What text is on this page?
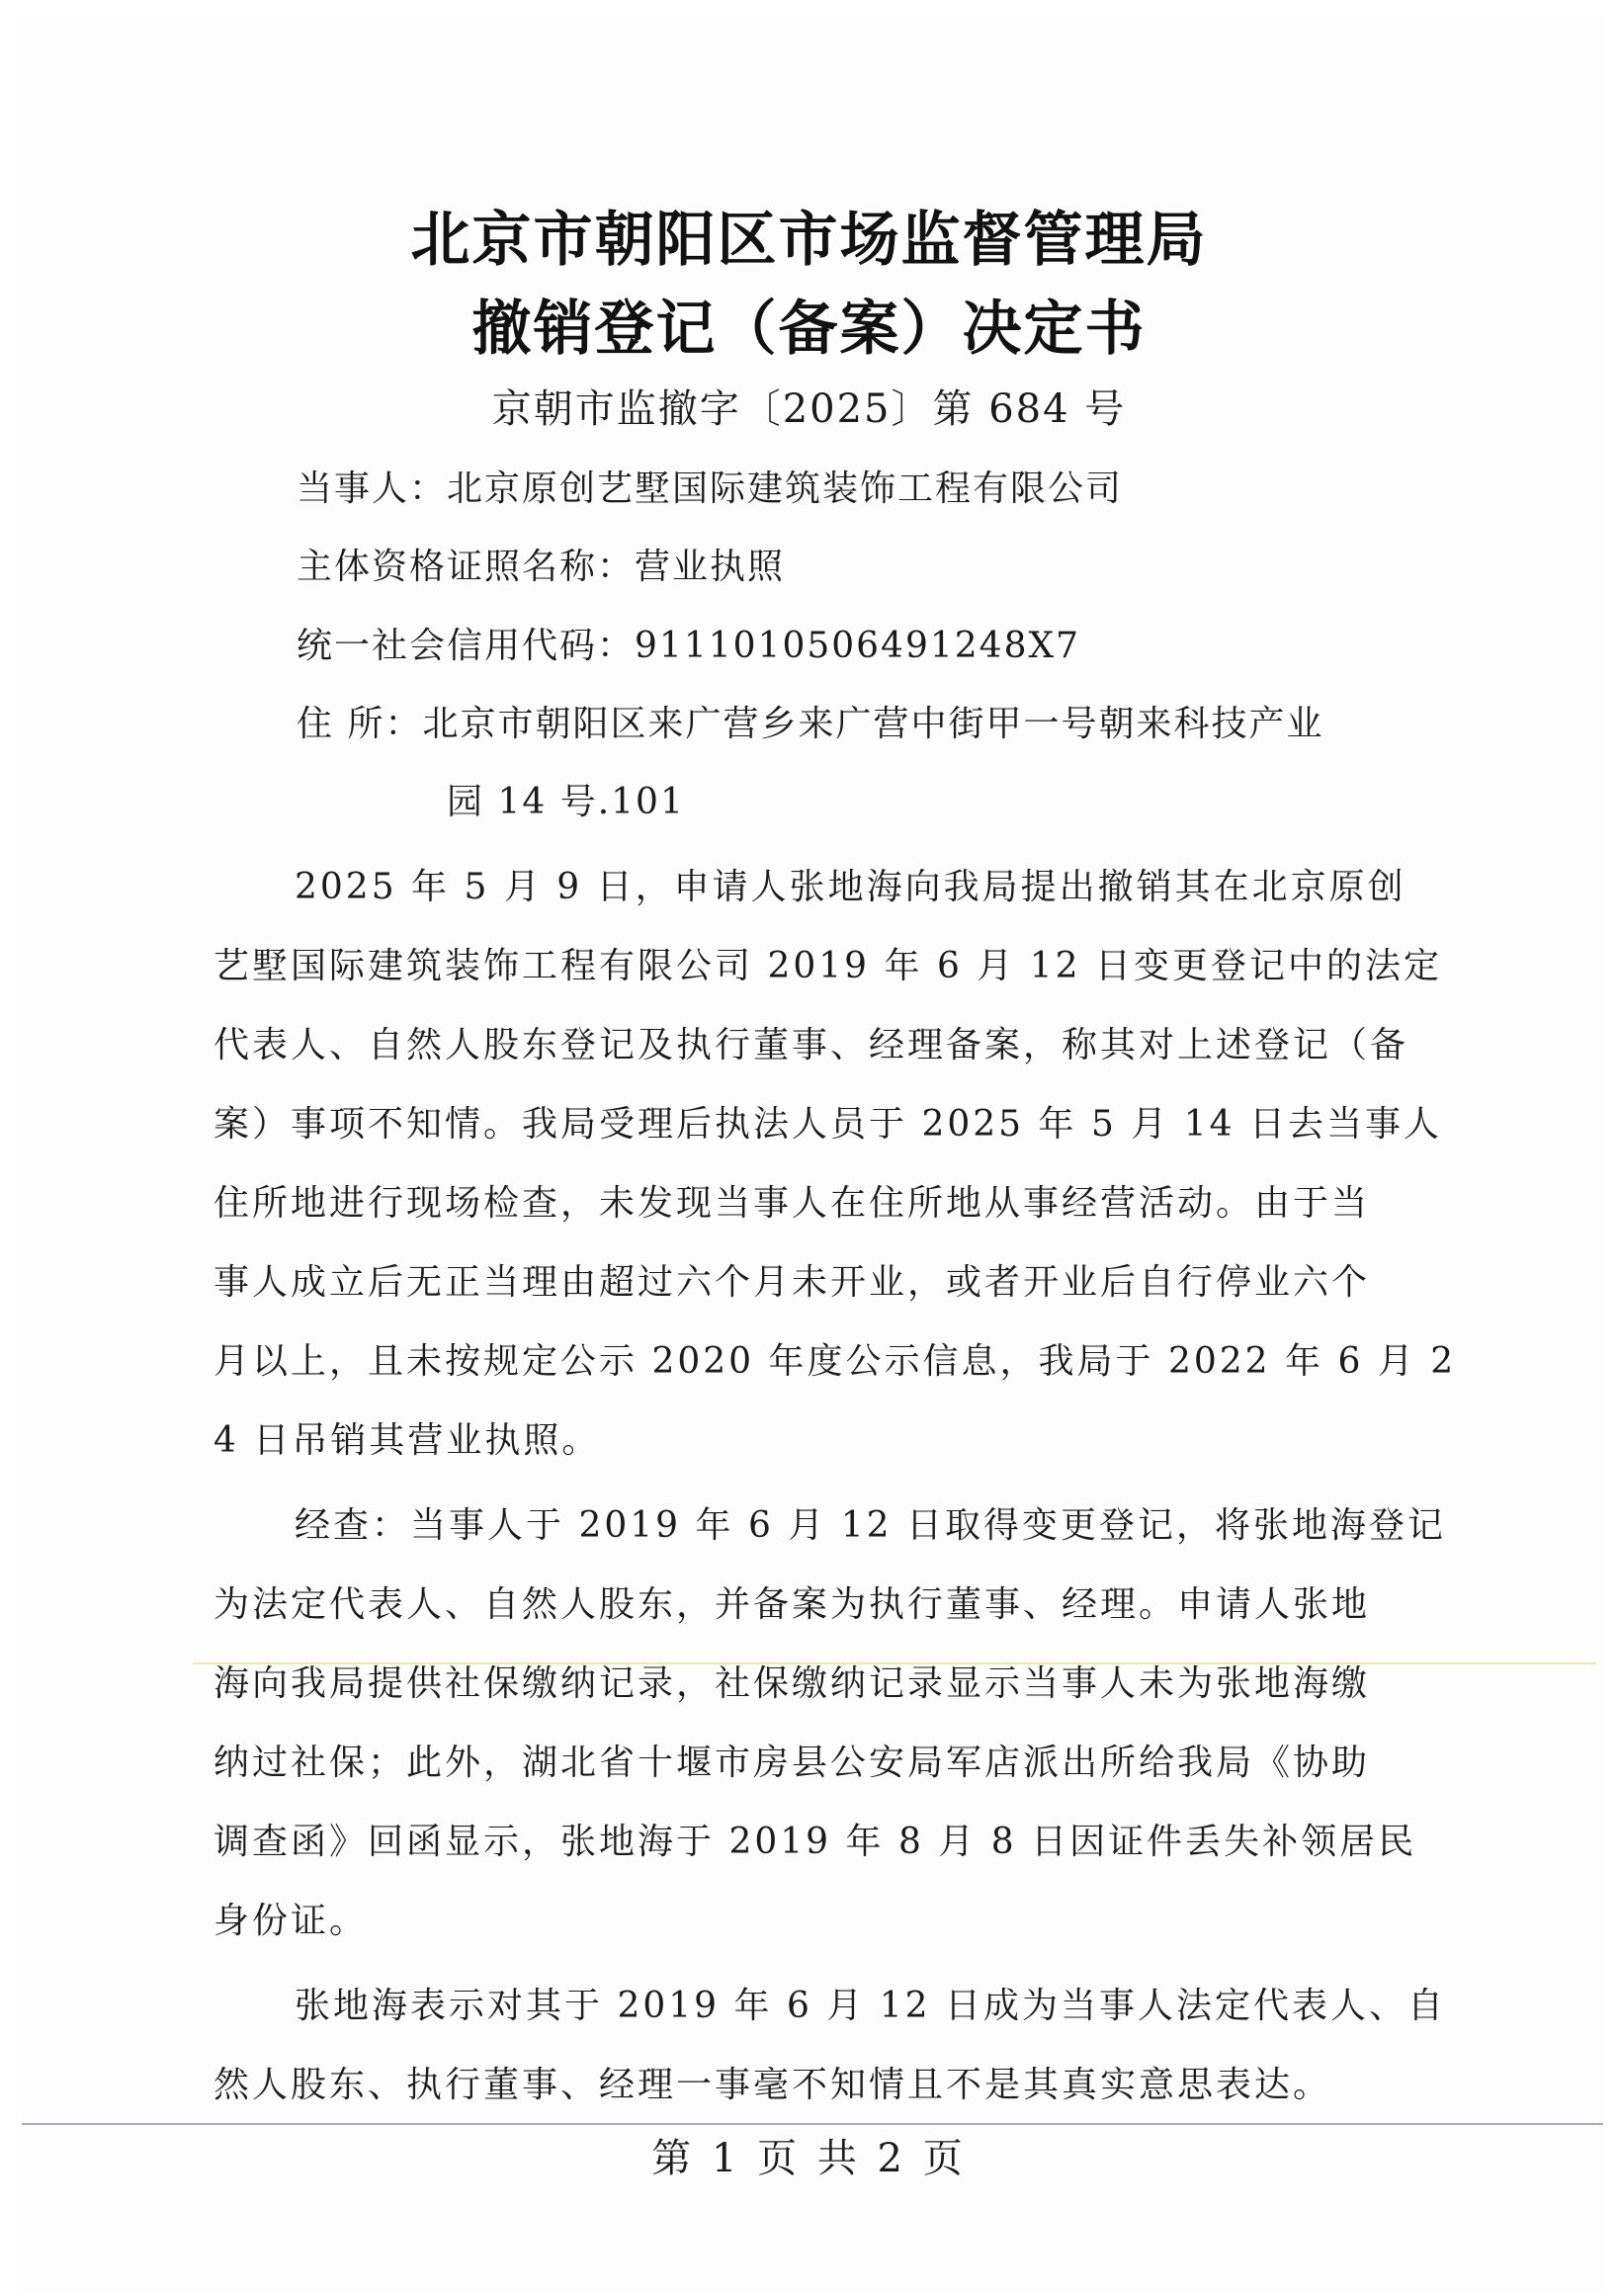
北京市朝阳区市场监督管理局
撤销登记（备案）决定书
京朝市监撤字〔2025〕第 684 号
当事人：北京原创艺墅国际建筑装饰工程有限公司
主体资格证照名称：营业执照
统一社会信用代码：91110105064912​48X7
住 所：北京市朝阳区来广营乡来广营中街甲一号朝来科技产业
园 14 号.101
2025 年 5 月 9 日，申请人张地海向我局提出撤销其在北京原创
艺墅国际建筑装饰工程有限公司 2019 年 6 月 12 日变更登记中的法定
代表人、自然人股东登记及执行董事、经理备案，称其对上述登记（备
案）事项不知情。我局受理后执法人员于 2025 年 5 月 14 日去当事人
住所地进行现场检查，未发现当事人在住所地从事经营活动。由于当
事人成立后无正当理由超过六个月未开业，或者开业后自行停业六个
月以上，且未按规定公示 2020 年度公示信息，我局于 2022 年 6 月 2
4 日吊销其营业执照。
经查：当事人于 2019 年 6 月 12 日取得变更登记，将张地海登记
为法定代表人、自然人股东，并备案为执行董事、经理。申请人张地
海向我局提供社保缴纳记录，社保缴纳记录显示当事人未为张地海缴
纳过社保；此外，湖北省十堰市房县公安局军店派出所给我局《协助
调查函》回函显示，张地海于 2019 年 8 月 8 日因证件丢失补领居民
身份证。
张地海表示对其于 2019 年 6 月 12 日成为当事人法定代表人、自
然人股东、执行董事、经理一事毫不知情且不是其真实意思表达。
第 1 页 共 2 页
